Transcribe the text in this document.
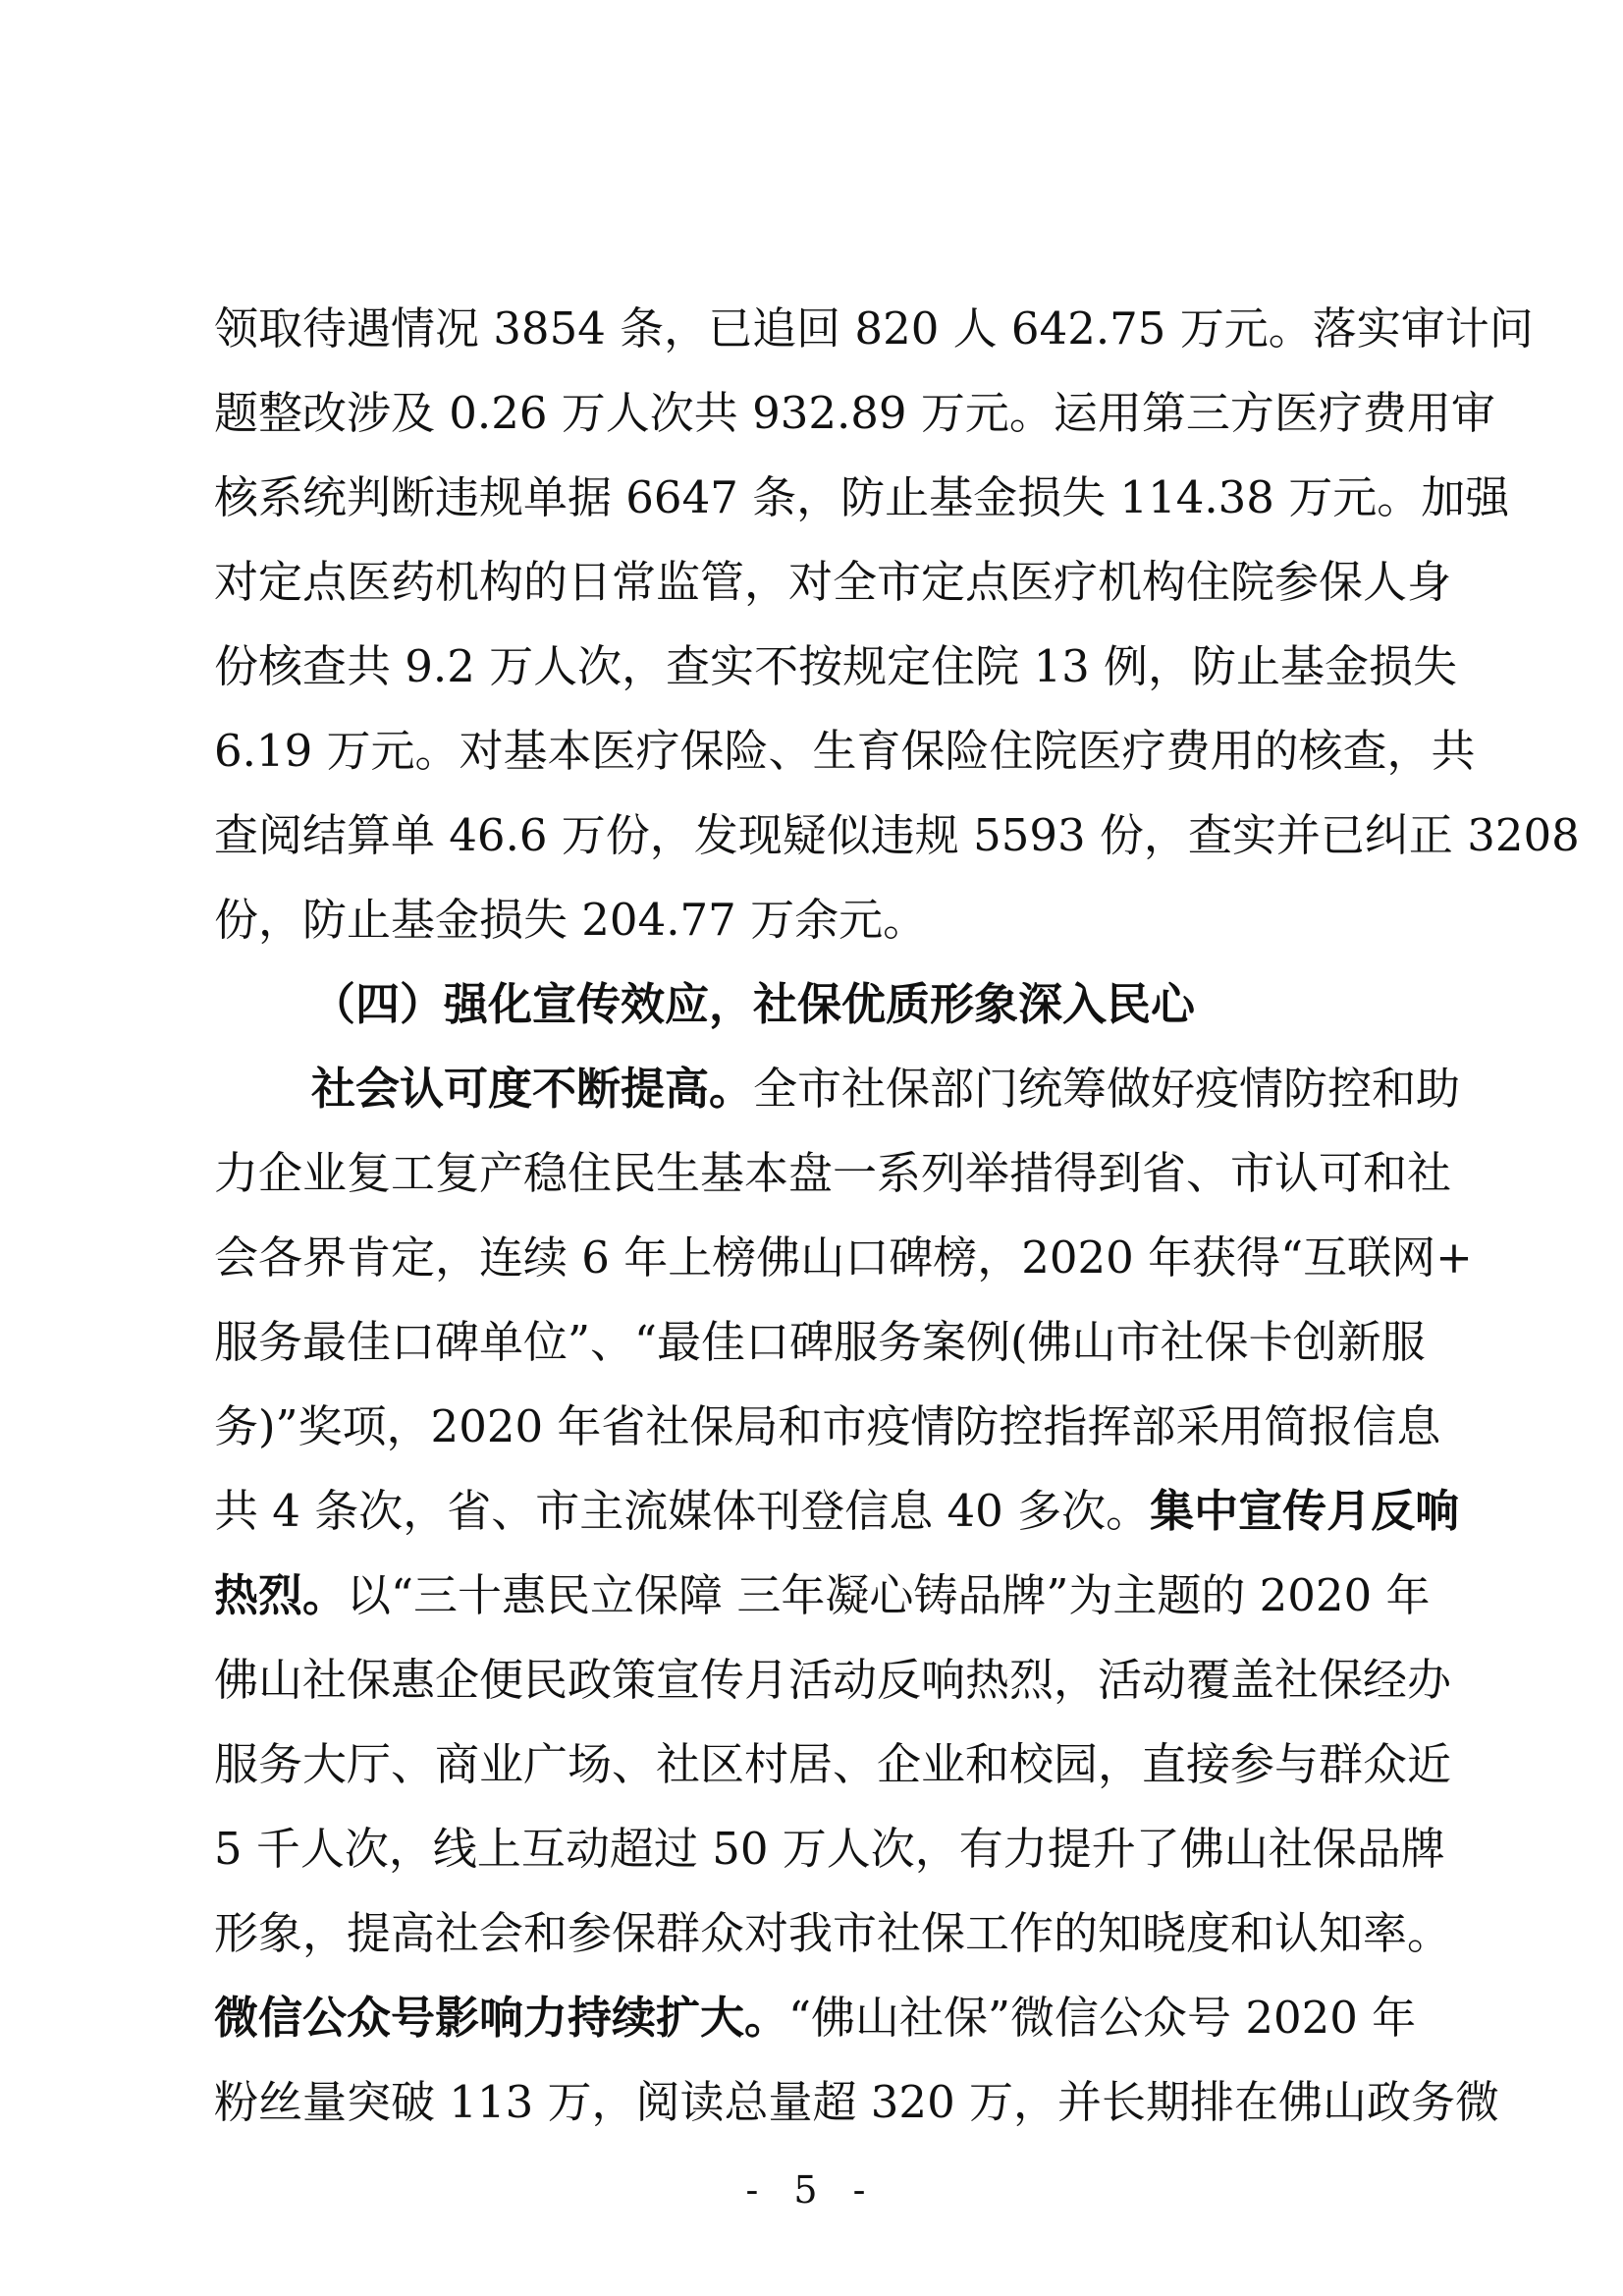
领取待遇情况 3854 条，已追回 820 人 642.75 万元。落实审计问
题整改涉及 0.26 万人次共 932.89 万元。运用第三方医疗费用审
核系统判断违规单据 6647 条，防止基金损失 114.38 万元。加强
对定点医药机构的日常监管，对全市定点医疗机构住院参保人身
份核查共 9.2 万人次，查实不按规定住院 13 例，防止基金损失
6.19 万元。对基本医疗保险、生育保险住院医疗费用的核查，共
查阅结算单 46.6 万份，发现疑似违规 5593 份，查实并已纠正 3208
份，防止基金损失 204.77 万余元。
（四）强化宣传效应，社保优质形象深入民心
社会认可度不断提高。全市社保部门统筹做好疫情防控和助
力企业复工复产稳住民生基本盘一系列举措得到省、市认可和社
会各界肯定，连续 6 年上榜佛山口碑榜，2020 年获得“互联网+
服务最佳口碑单位”、“最佳口碑服务案例(佛山市社保卡创新服
务)”奖项，2020 年省社保局和市疫情防控指挥部采用简报信息
共 4 条次，省、市主流媒体刊登信息 40 多次。集中宣传月反响
热烈。以“三十惠民立保障 三年凝心铸品牌”为主题的 2020 年
佛山社保惠企便民政策宣传月活动反响热烈，活动覆盖社保经办
服务大厅、商业广场、社区村居、企业和校园，直接参与群众近
5 千人次，线上互动超过 50 万人次，有力提升了佛山社保品牌
形象，提高社会和参保群众对我市社保工作的知晓度和认知率。
微信公众号影响力持续扩大。“佛山社保”微信公众号 2020 年
粉丝量突破 113 万，阅读总量超 320 万，并长期排在佛山政务微
- 5 -
